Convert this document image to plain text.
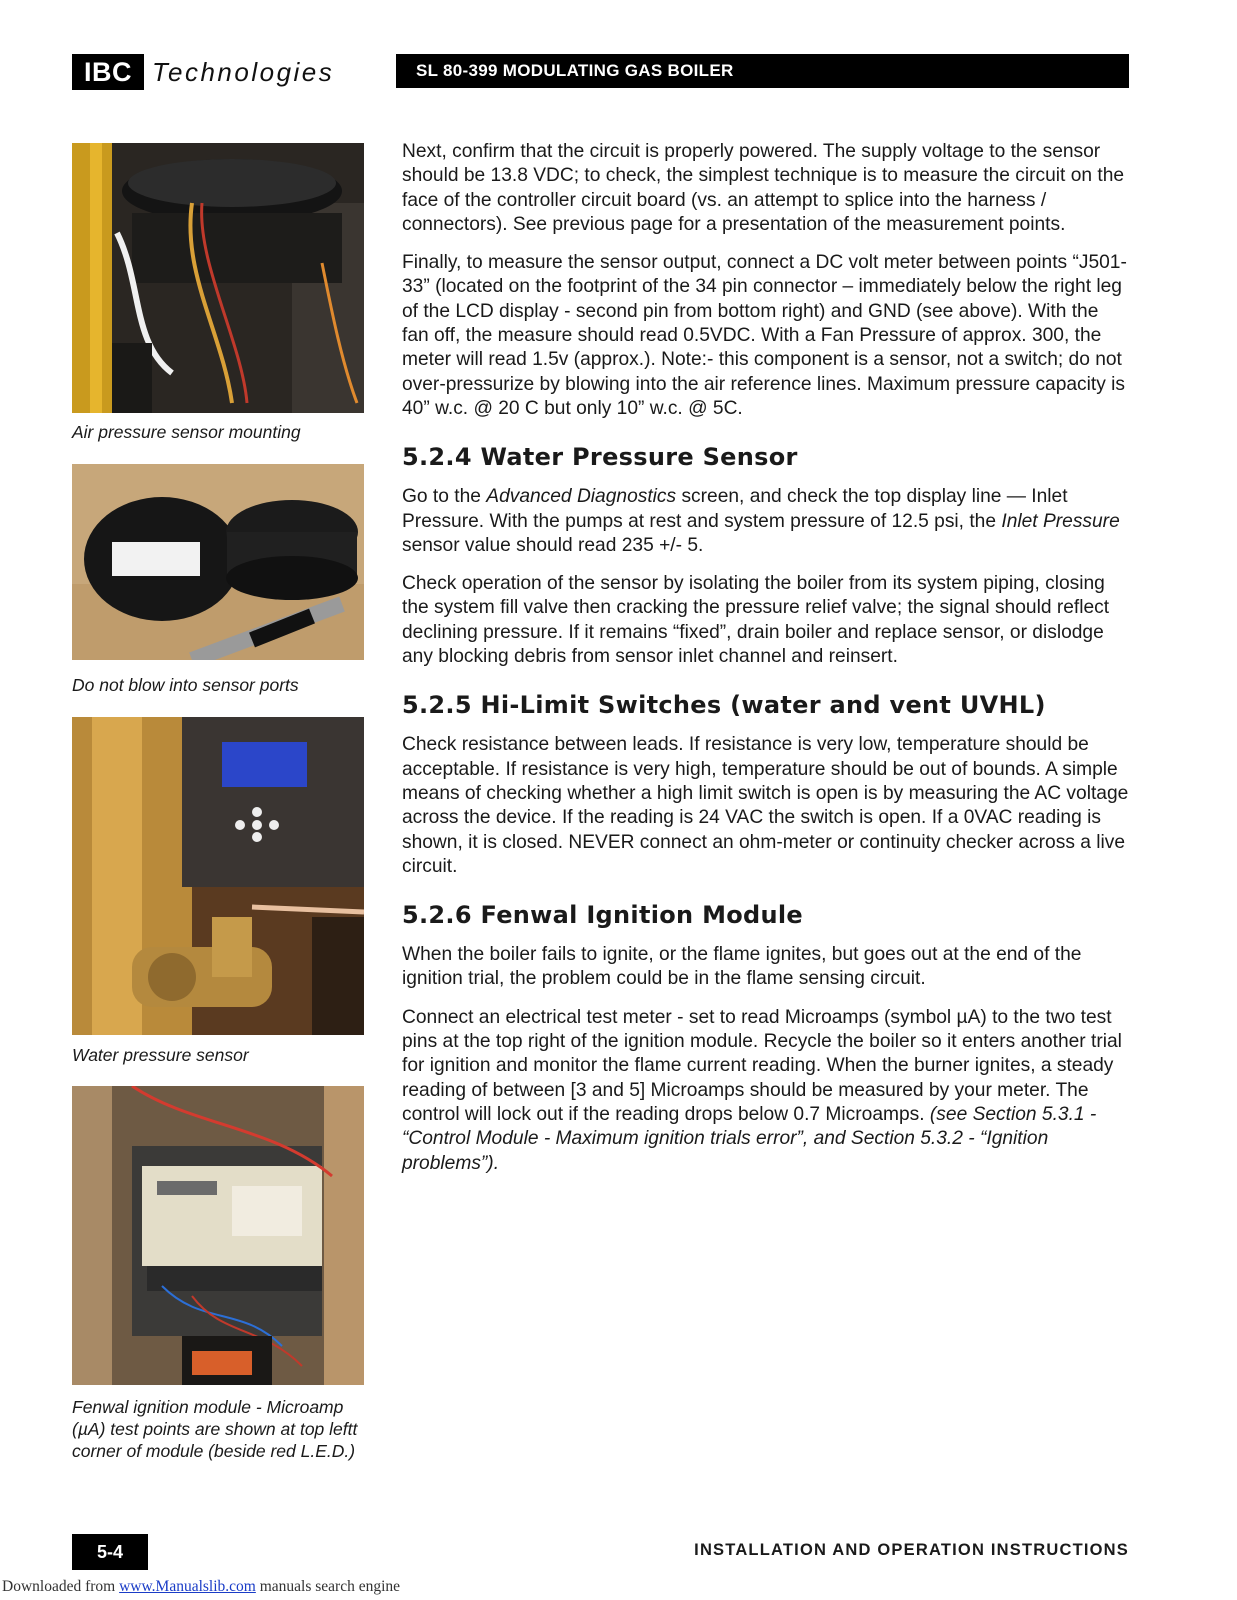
IBC Technologies	SL 80-399 MODULATING GAS BOILER
Air pressure sensor mounting
Do not blow into sensor ports
Water pressure sensor
Fenwal ignition module - Microamp (µA) test points are shown at top leftt corner of module (beside red L.E.D.)

Next, confirm that the circuit is properly powered. The supply voltage to the sensor should be 13.8 VDC; to check, the simplest technique is to measure the circuit on the face of the controller circuit board (vs. an attempt to splice into the harness / connectors). See previous page for a presentation of the measurement points.

Finally, to measure the sensor output, connect a DC volt meter between points “J501-33” (located on the footprint of the 34 pin connector – immediately below the right leg of the LCD display - second pin from bottom right) and GND (see above). With the fan off, the measure should read 0.5VDC. With a Fan Pressure of approx. 300, the meter will read 1.5v (approx.). Note:- this component is a sensor, not a switch; do not over-pressurize by blowing into the air reference lines. Maximum pressure capacity is 40” w.c. @ 20 C but only 10” w.c. @ 5C.

5.2.4 Water Pressure Sensor

Go to the Advanced Diagnostics screen, and check the top display line — Inlet Pressure. With the pumps at rest and system pressure of 12.5 psi, the Inlet Pressure sensor value should read 235 +/- 5.

Check operation of the sensor by isolating the boiler from its system piping, closing the system fill valve then cracking the pressure relief valve; the signal should reflect declining pressure. If it remains “fixed”, drain boiler and replace sensor, or dislodge any blocking debris from sensor inlet channel and reinsert.

5.2.5 Hi-Limit Switches (water and vent UVHL)

Check resistance between leads. If resistance is very low, temperature should be acceptable. If resistance is very high, temperature should be out of bounds. A simple means of checking whether a high limit switch is open is by measuring the AC voltage across the device. If the reading is 24 VAC the switch is open. If a 0VAC reading is shown, it is closed. NEVER connect an ohm-meter or continuity checker across a live circuit.

5.2.6 Fenwal Ignition Module

When the boiler fails to ignite, or the flame ignites, but goes out at the end of the ignition trial, the problem could be in the flame sensing circuit.

Connect an electrical test meter - set to read Microamps (symbol µA) to the two test pins at the top right of the ignition module. Recycle the boiler so it enters another trial for ignition and monitor the flame current reading. When the burner ignites, a steady reading of between [3 and 5] Microamps should be measured by your meter. The control will lock out if the reading drops below 0.7 Microamps. (see Section 5.3.1 - “Control Module - Maximum ignition trials error”, and Section 5.3.2 - “Ignition problems”).

5-4	INSTALLATION AND OPERATION INSTRUCTIONS
Downloaded from www.Manualslib.com manuals search engine
